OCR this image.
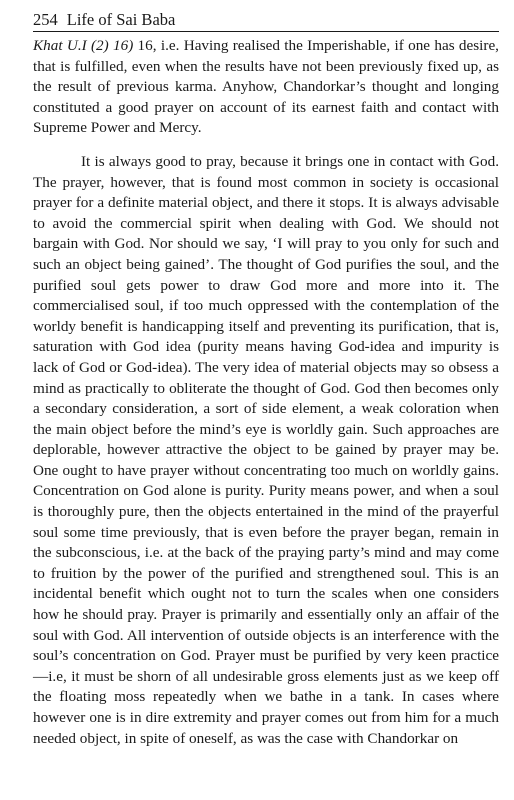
254 Life of Sai Baba

Khat U.I (2) 16) 16, i.e. Having realised the Imperishable, if one has desire, that is fulfilled, even when the results have not been previously fixed up, as the result of previous karma. Anyhow, Chandorkar’s thought and longing constituted a good prayer on account of its earnest faith and contact with Supreme Power and Mercy.

It is always good to pray, because it brings one in contact with God. The prayer, however, that is found most common in society is occasional prayer for a definite material object, and there it stops. It is always advisable to avoid the commercial spirit when dealing with God. We should not bargain with God. Nor should we say, ‘I will pray to you only for such and such an object being gained’. The thought of God purifies the soul, and the purified soul gets power to draw God more and more into it. The commercialised soul, if too much oppressed with the contemplation of the worldy benefit is handicapping itself and preventing its purification, that is, saturation with God idea (purity means having God-idea and impurity is lack of God or God-idea). The very idea of material objects may so obsess a mind as practically to obliterate the thought of God. God then becomes only a secondary consideration, a sort of side element, a weak coloration when the main object before the mind’s eye is worldly gain. Such approaches are deplorable, however attractive the object to be gained by prayer may be. One ought to have prayer without concentrating too much on worldly gains. Concentration on God alone is purity. Purity means power, and when a soul is thoroughly pure, then the objects entertained in the mind of the prayerful soul some time previously, that is even before the prayer began, remain in the subconscious, i.e. at the back of the praying party’s mind and may come to fruition by the power of the purified and strengthened soul. This is an incidental benefit which ought not to turn the scales when one considers how he should pray. Prayer is primarily and essentially only an affair of the soul with God. All intervention of outside objects is an interference with the soul’s concentration on God. Prayer must be purified by very keen practice—i.e, it must be shorn of all undesirable gross elements just as we keep off the floating moss repeatedly when we bathe in a tank. In cases where however one is in dire extremity and prayer comes out from him for a much needed object, in spite of oneself, as was the case with Chandorkar on
